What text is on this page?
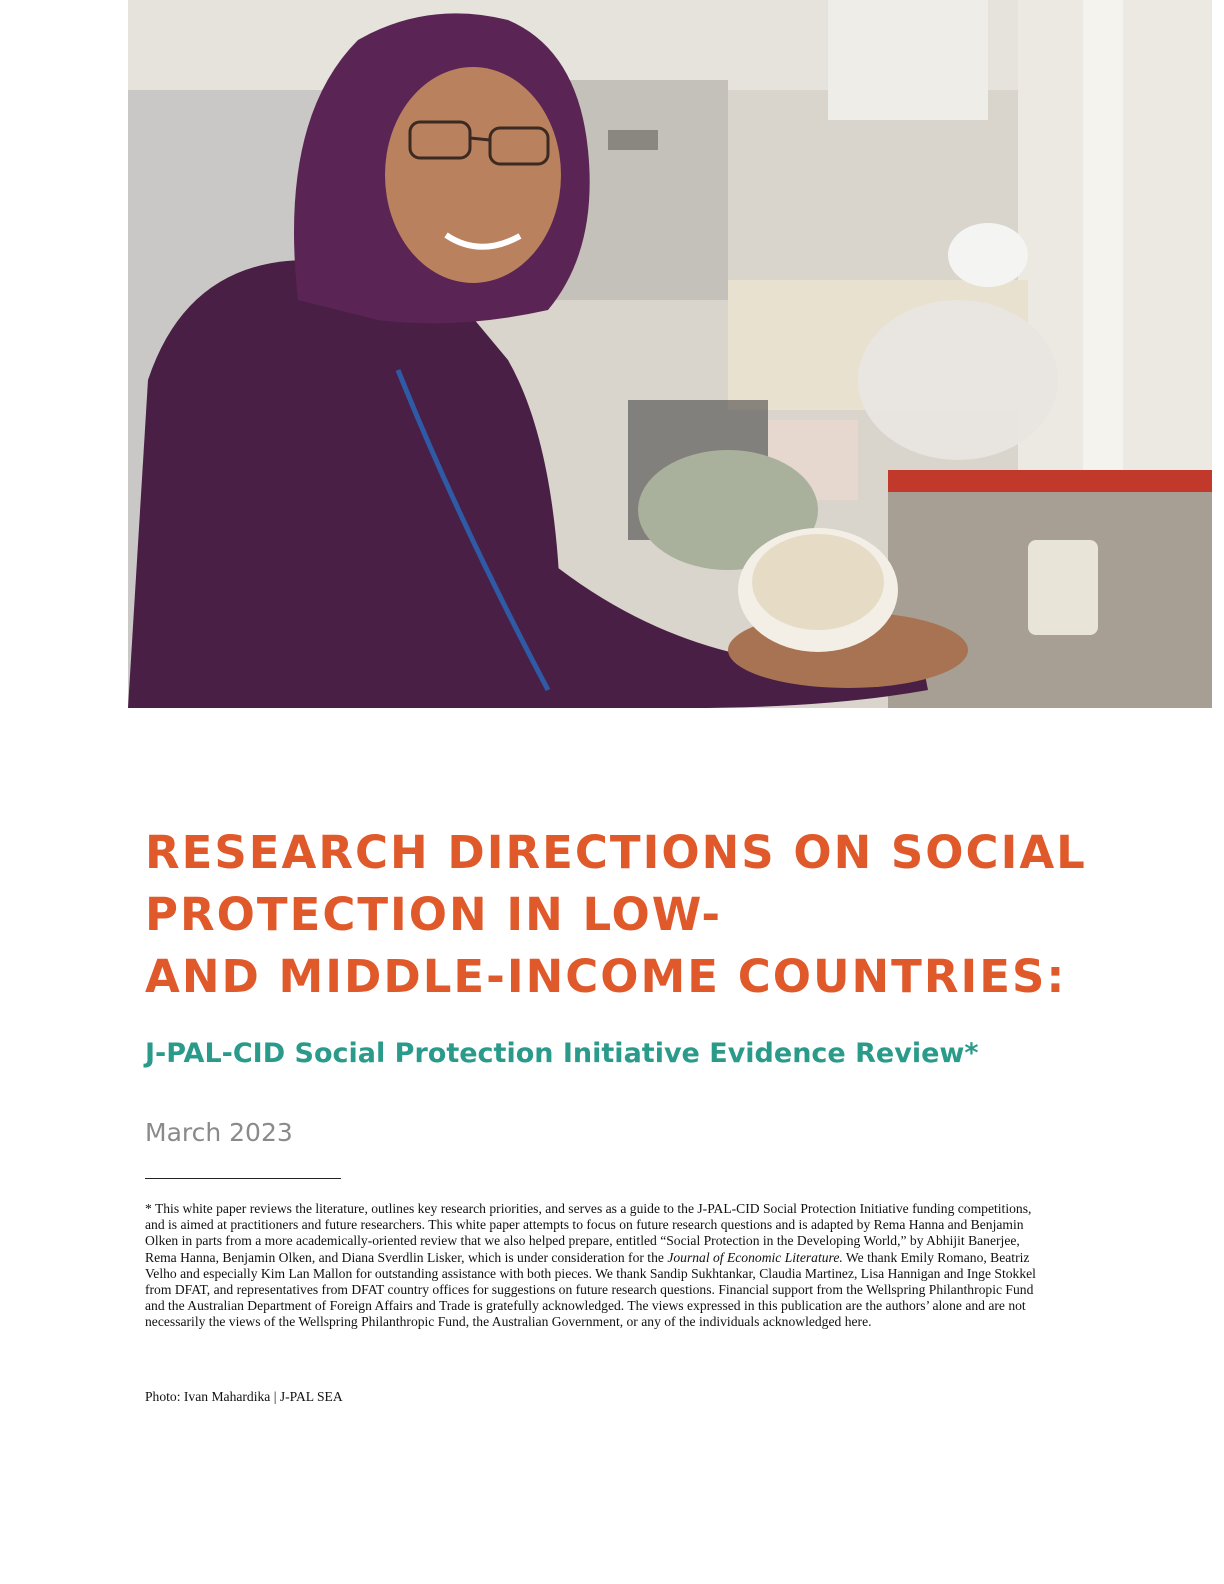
RESEARCH DIRECTIONS ON SOCIAL
PROTECTION IN LOW-
AND MIDDLE-INCOME COUNTRIES:
J-PAL-CID Social Protection Initiative Evidence Review*

March 2023

* This white paper reviews the literature, outlines key research priorities, and serves as a guide to the J-PAL-CID Social Protection Initiative funding competitions, and is aimed at practitioners and future researchers. This white paper attempts to focus on future research questions and is adapted by Rema Hanna and Benjamin Olken in parts from a more academically-oriented review that we also helped prepare, entitled “Social Protection in the Developing World,” by Abhijit Banerjee, Rema Hanna, Benjamin Olken, and Diana Sverdlin Lisker, which is under consideration for the Journal of Economic Literature. We thank Emily Romano, Beatriz Velho and especially Kim Lan Mallon for outstanding assistance with both pieces. We thank Sandip Sukhtankar, Claudia Martinez, Lisa Hannigan and Inge Stokkel from DFAT, and representatives from DFAT country offices for suggestions on future research questions. Financial support from the Wellspring Philanthropic Fund and the Australian Department of Foreign Affairs and Trade is gratefully acknowledged. The views expressed in this publication are the authors’ alone and are not necessarily the views of the Wellspring Philanthropic Fund, the Australian Government, or any of the individuals acknowledged here.

Photo: Ivan Mahardika | J-PAL SEA
